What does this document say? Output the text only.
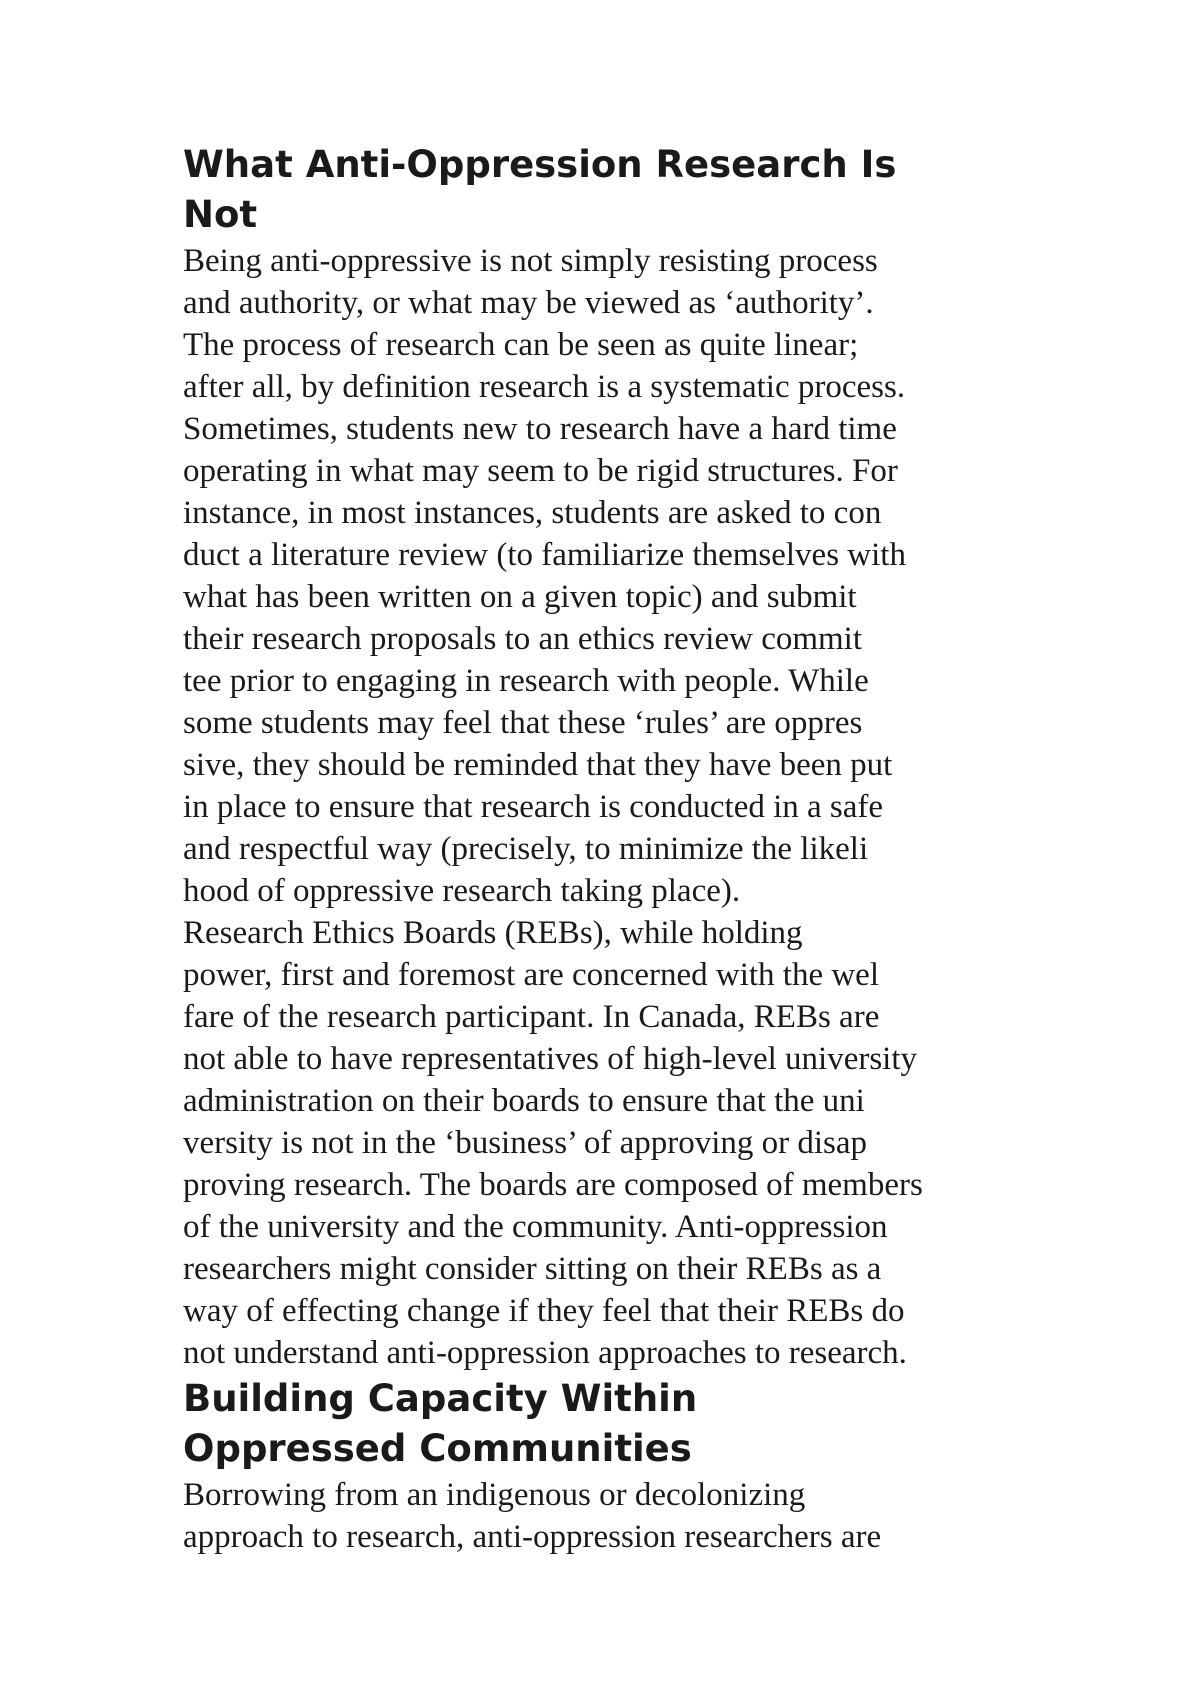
What Anti-Oppression Research Is
Not
Being anti-oppressive is not simply resisting process
and authority, or what may be viewed as ‘authority’.
The process of research can be seen as quite linear;
after all, by definition research is a systematic process.
Sometimes, students new to research have a hard time
operating in what may seem to be rigid structures. For
instance, in most instances, students are asked to con
duct a literature review (to familiarize themselves with
what has been written on a given topic) and submit
their research proposals to an ethics review commit
tee prior to engaging in research with people. While
some students may feel that these ‘rules’ are oppres
sive, they should be reminded that they have been put
in place to ensure that research is conducted in a safe
and respectful way (precisely, to minimize the likeli
hood of oppressive research taking place).
Research Ethics Boards (REBs), while holding
power, first and foremost are concerned with the wel
fare of the research participant. In Canada, REBs are
not able to have representatives of high-level university
administration on their boards to ensure that the uni
versity is not in the ‘business’ of approving or disap
proving research. The boards are composed of members
of the university and the community. Anti-oppression
researchers might consider sitting on their REBs as a
way of effecting change if they feel that their REBs do
not understand anti-oppression approaches to research.
Building Capacity Within
Oppressed Communities
Borrowing from an indigenous or decolonizing
approach to research, anti-oppression researchers are
